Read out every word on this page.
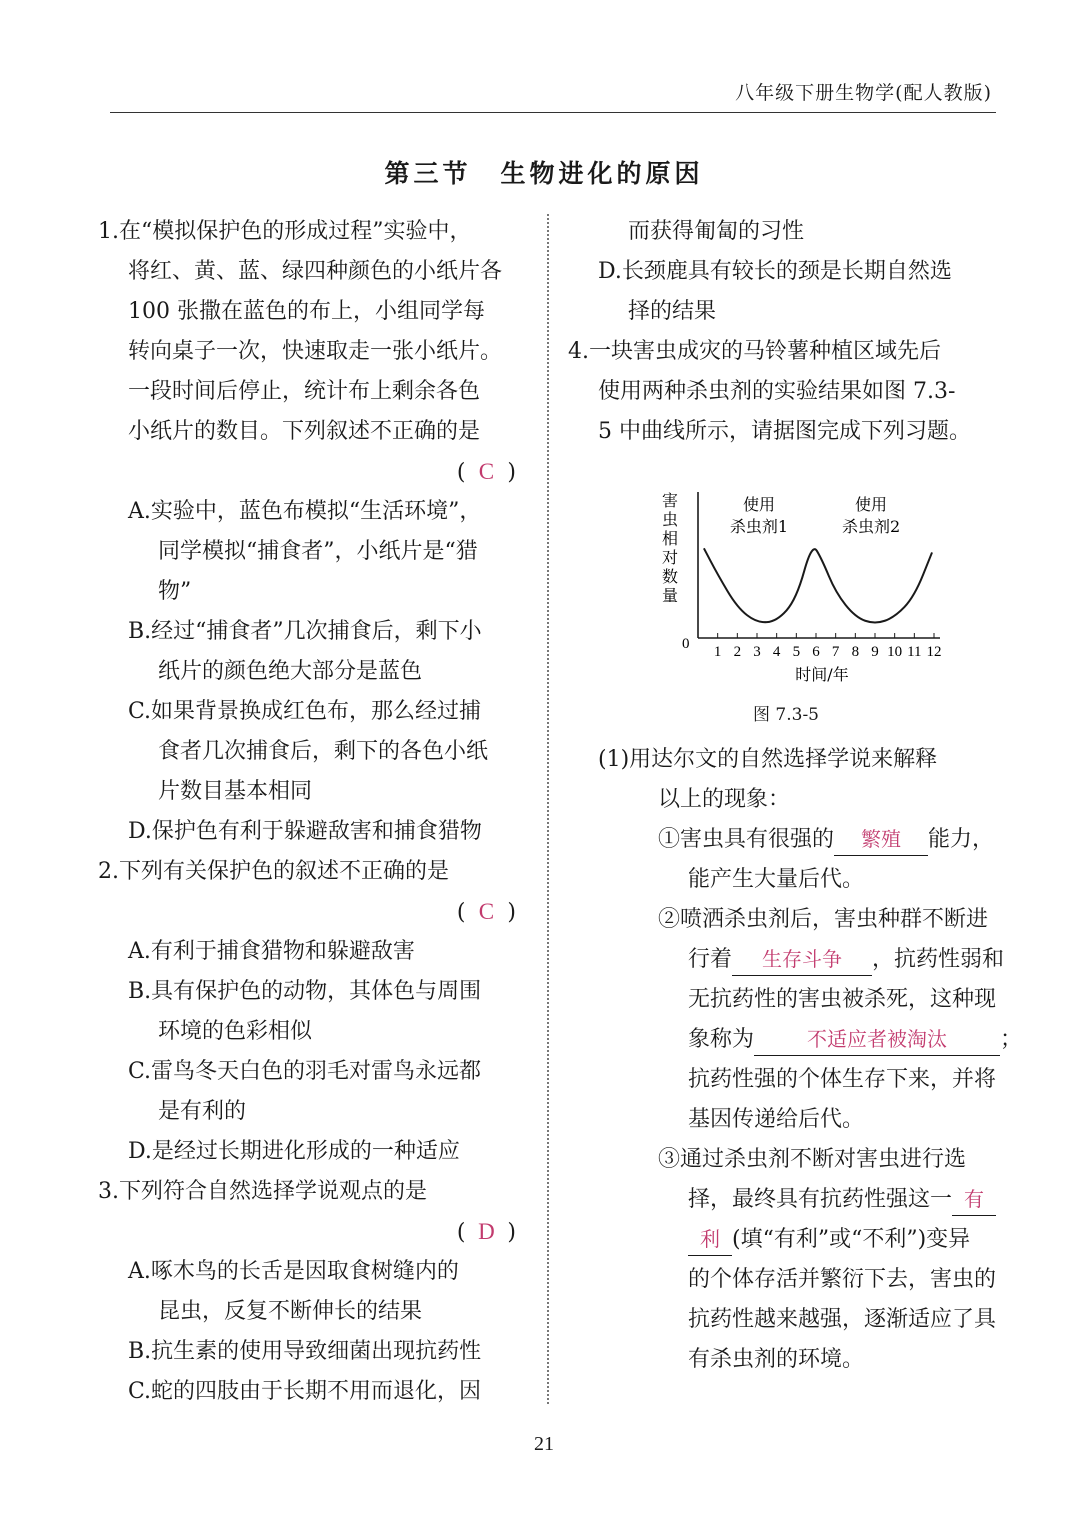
八年级下册生物学(配人教版)
第三节　生物进化的原因
1.在“模拟保护色的形成过程”实验中，
将红、黄、蓝、绿四种颜色的小纸片各
100 张撒在蓝色的布上，小组同学每
转向桌子一次，快速取走一张小纸片。
一段时间后停止，统计布上剩余各色
小纸片的数目。下列叙述不正确的是
( C )
A.实验中，蓝色布模拟“生活环境”，
同学模拟“捕食者”，小纸片是“猎
物”
B.经过“捕食者”几次捕食后，剩下小
纸片的颜色绝大部分是蓝色
C.如果背景换成红色布，那么经过捕
食者几次捕食后，剩下的各色小纸
片数目基本相同
D.保护色有利于躲避敌害和捕食猎物
2.下列有关保护色的叙述不正确的是
( C )
A.有利于捕食猎物和躲避敌害
B.具有保护色的动物，其体色与周围
环境的色彩相似
C.雷鸟冬天白色的羽毛对雷鸟永远都
是有利的
D.是经过长期进化形成的一种适应
3.下列符合自然选择学说观点的是
( D )
A.啄木鸟的长舌是因取食树缝内的
昆虫，反复不断伸长的结果
B.抗生素的使用导致细菌出现抗药性
C.蛇的四肢由于长期不用而退化，因
而获得匍匐的习性
D.长颈鹿具有较长的颈是长期自然选
择的结果
4.一块害虫成灾的马铃薯种植区域先后
使用两种杀虫剂的实验结果如图 7.3-
5 中曲线所示，请据图完成下列习题。
0 1 2 3 4 5 6 7 8 9 10 11 12
使用
杀虫剂1
使用
杀虫剂2
害
虫
相
对
数
量
时间/年
图 7.3-5
(1)用达尔文的自然选择学说来解释
以上的现象：
①害虫具有很强的 繁殖 能力，
能产生大量后代。
②喷洒杀虫剂后，害虫种群不断进
行着 生存斗争 ，抗药性弱和
无抗药性的害虫被杀死，这种现
象称为	不适应者被淘汰 ；
抗药性强的个体生存下来，并将
基因传递给后代。
③通过杀虫剂不断对害虫进行选
择，最终具有抗药性强这一 有
利 (填“有利”或“不利”)变异
的个体存活并繁衍下去，害虫的
抗药性越来越强，逐渐适应了具
有杀虫剂的环境。
21
